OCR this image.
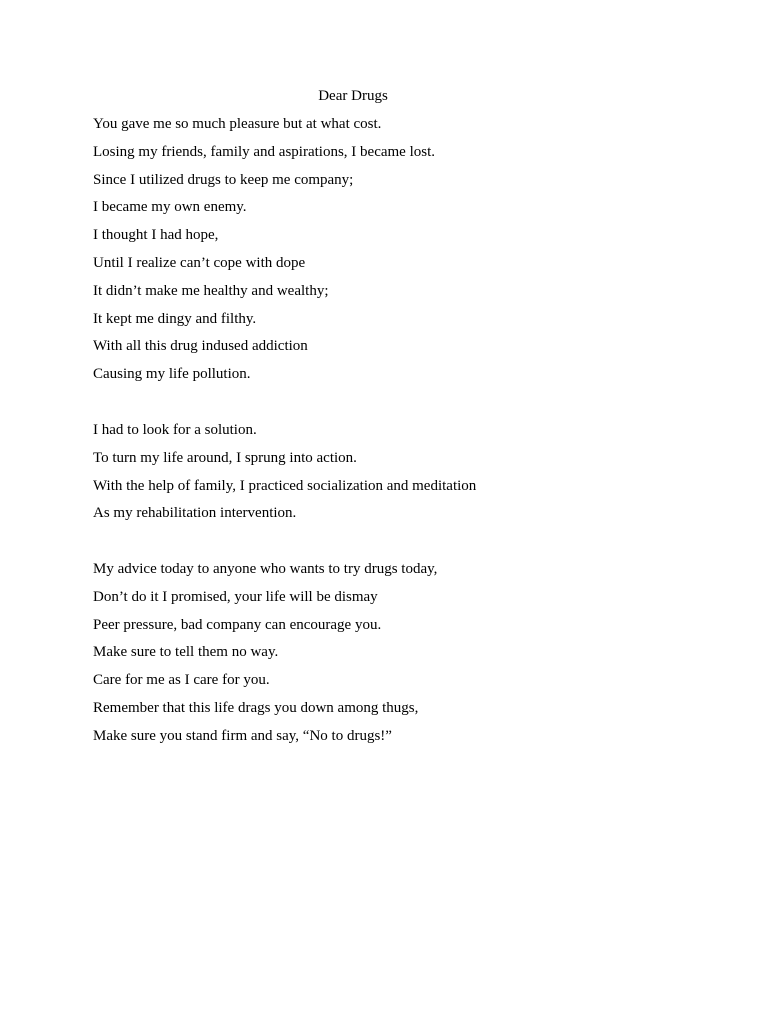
Dear Drugs
You gave me so much pleasure but at what cost.
Losing my friends, family and aspirations, I became lost.
Since I utilized drugs to keep me company;
I became my own enemy.
I thought I had hope,
Until I realize can’t cope with dope
It didn’t make me healthy and wealthy;
It kept me dingy and filthy.
With all this drug indused addiction
Causing my life pollution.
I had to look for a solution.
To turn my life around, I sprung into action.
With the help of family, I practiced socialization and meditation
As my rehabilitation intervention.
My advice today to anyone who wants to try drugs today,
Don’t do it I promised, your life will be dismay
Peer pressure, bad company can encourage you.
Make sure to tell them no way.
Care for me as I care for you.
Remember that this life drags you down among thugs,
Make sure you stand firm and say, “No to drugs!”
